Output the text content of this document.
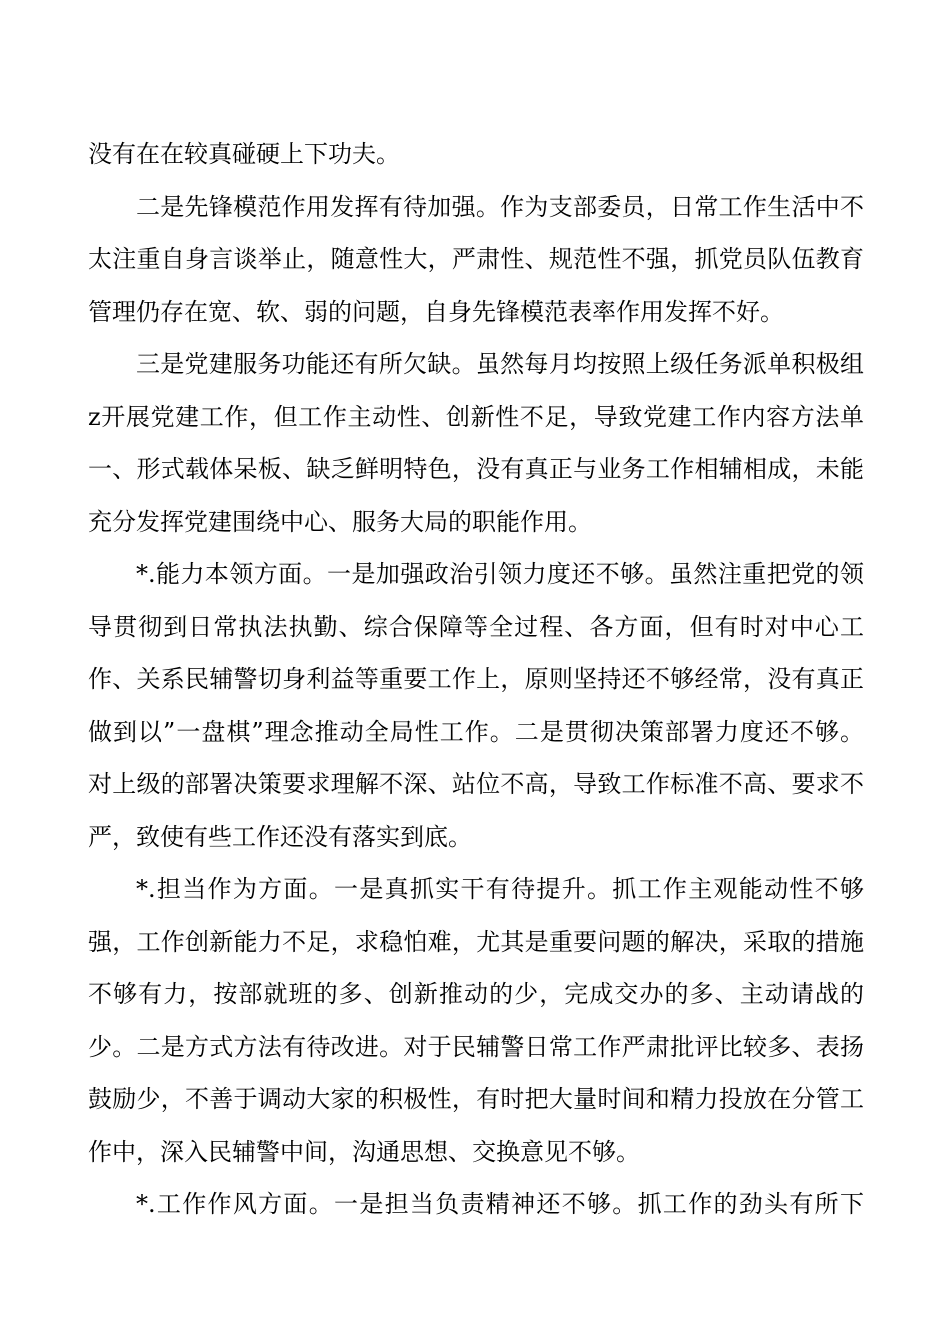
没有在在较真碰硬上下功夫。
二是先锋模范作用发挥有待加强。作为支部委员，日常工作生活中不
太注重自身言谈举止，随意性大，严肃性、规范性不强，抓党员队伍教育
管理仍存在宽、软、弱的问题，自身先锋模范表率作用发挥不好。
三是党建服务功能还有所欠缺。虽然每月均按照上级任务派单积极组
z开展党建工作，但工作主动性、创新性不足，导致党建工作内容方法单
一、形式载体呆板、缺乏鲜明特色，没有真正与业务工作相辅相成，未能
充分发挥党建围绕中心、服务大局的职能作用。
*.能力本领方面。一是加强政治引领力度还不够。虽然注重把党的领
导贯彻到日常执法执勤、综合保障等全过程、各方面，但有时对中心工
作、关系民辅警切身利益等重要工作上，原则坚持还不够经常，没有真正
做到以”一盘棋”理念推动全局性工作。二是贯彻决策部署力度还不够。
对上级的部署决策要求理解不深、站位不高，导致工作标准不高、要求不
严，致使有些工作还没有落实到底。
*.担当作为方面。一是真抓实干有待提升。抓工作主观能动性不够
强，工作创新能力不足，求稳怕难，尤其是重要问题的解决，采取的措施
不够有力，按部就班的多、创新推动的少，完成交办的多、主动请战的
少。二是方式方法有待改进。对于民辅警日常工作严肃批评比较多、表扬
鼓励少，不善于调动大家的积极性，有时把大量时间和精力投放在分管工
作中，深入民辅警中间，沟通思想、交换意见不够。
*.工作作风方面。一是担当负责精神还不够。抓工作的劲头有所下
